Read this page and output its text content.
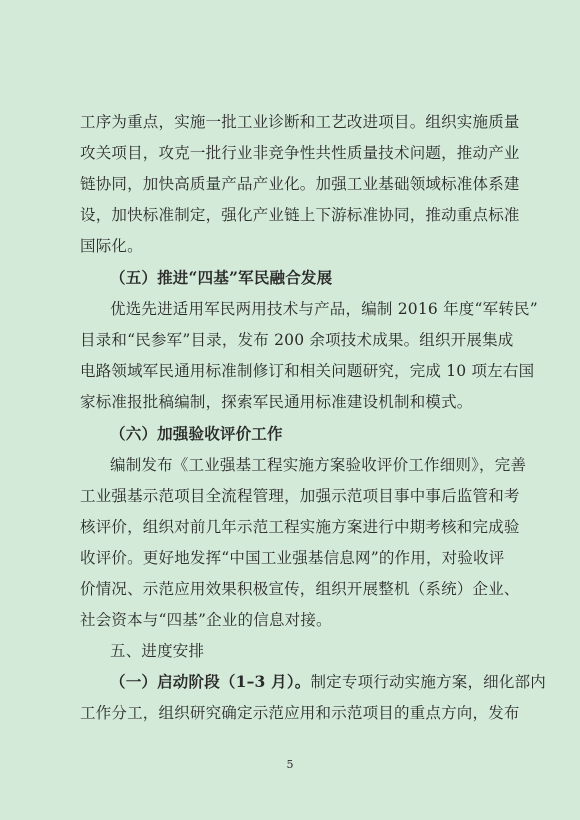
工序为重点，实施一批工业诊断和工艺改进项目。组织实施质量
攻关项目，攻克一批行业非竞争性共性质量技术问题，推动产业
链协同，加快高质量产品产业化。加强工业基础领域标准体系建
设，加快标准制定，强化产业链上下游标准协同，推动重点标准
国际化。
（五）推进“四基”军民融合发展
优选先进适用军民两用技术与产品，编制 2016 年度“军转民”
目录和“民参军”目录，发布 200 余项技术成果。组织开展集成
电路领域军民通用标准制修订和相关问题研究，完成 10 项左右国
家标准报批稿编制，探索军民通用标准建设机制和模式。
（六）加强验收评价工作
编制发布《工业强基工程实施方案验收评价工作细则》，完善
工业强基示范项目全流程管理，加强示范项目事中事后监管和考
核评价，组织对前几年示范工程实施方案进行中期考核和完成验
收评价。更好地发挥“中国工业强基信息网”的作用，对验收评
价情况、示范应用效果积极宣传，组织开展整机（系统）企业、
社会资本与“四基”企业的信息对接。
五、进度安排
（一）启动阶段（1–3 月）。制定专项行动实施方案，细化部内
工作分工，组织研究确定示范应用和示范项目的重点方向，发布
5
